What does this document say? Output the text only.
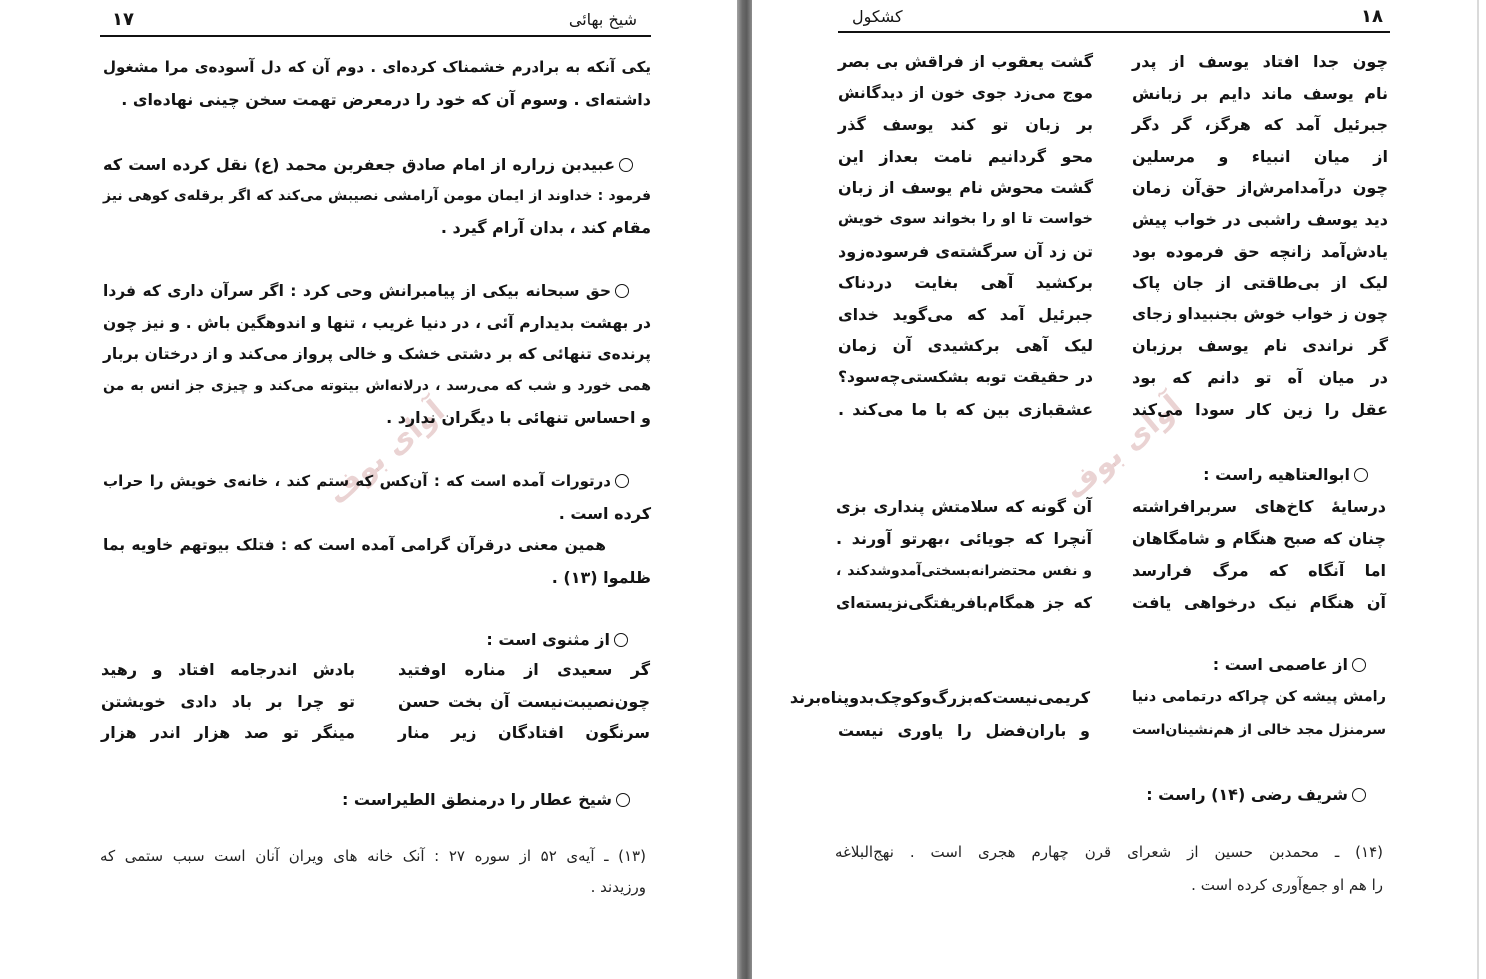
۱۷	شیخ بهائی
آوای بوف
یکی آنکه به برادرم خشمناک کرده‌ای . دوم آن که دل آسوده‌ی مرا مشغول
داشته‌ای . وسوم آن که خود را درمعرض تهمت سخن چینی نهاده‌ای .
عبیدبن زراره از امام صادق جعفربن محمد (ع) نقل کرده است که
فرمود : خداوند از ایمان مومن آرامشی نصیبش می‌کند که اگر برقله‌ی کوهی نیز
مقام کند ، بدان آرام گیرد .
حق سبحانه بیکی از پیامبرانش وحی کرد : اگر سرآن داری که فردا
در بهشت بدیدارم آئی ، در دنیا غریب ، تنها و اندوهگین باش . و نیز چون
پرنده‌ی تنهائی که بر دشتی خشک و خالی پرواز می‌کند و از درختان بربار
همی خورد و شب که می‌رسد ، درلانه‌اش بیتوته می‌کند و چیزی جز انس به من
و احساس تنهائی با دیگران ندارد .
درتورات آمده است که : آن‌کس که ستم کند ، خانه‌ی خویش را حراب
کرده است .
همین معنی درقرآن گرامی آمده است که : فتلک بیوتهم خاویه بما
ظلموا (۱۳) .
از مثنوی است :
گر سعیدی از مناره اوفتید
چون‌نصیبت‌نیست آن بخت حسن
سرنگون افتادگان زیر منار
بادش اندرجامه افتاد و رهید
تو چرا بر باد دادی خویشتن
مینگر تو صد هزار اندر هزار
شیخ عطار را درمنطق الطیراست :
(۱۳) ـ آیه‌ی ۵۲ از سوره ۲۷ : آنک خانه های ویران آنان است سبب ستمی که
ورزیدند .
۱۸
کشکول
آوای بوف
چون جدا افتاد یوسف از پدر
نام یوسف ماند دایم بر زبانش
جبرئیل آمد که هرگز، گر دگر
از میان انبیاء و مرسلین
چون درآمدامرش‌از حق‌آن زمان
دید یوسف راشبی در خواب پیش
یادش‌آمد زانچه حق فرموده بود
لیک از بی‌طاقتی از جان پاک
چون ز خواب خوش بجنبیداو زجای
گر نراندی نام یوسف برزبان
در میان آه تو دانم که بود
عقل را زین کار سودا می‌کند
گشت یعقوب از فراقش بی بصر
موج می‌زد جوی خون از دیدگانش
بر زبان تو کند یوسف گذر
محو گردانیم نامت بعداز این
گشت محوش نام یوسف از زبان
خواست تا او را بخواند سوی خویش
تن زد آن سرگشته‌ی فرسوده‌زود
برکشید آهی بغایت دردناک
جبرئیل آمد که می‌گوید خدای
لیک آهی برکشیدی آن زمان
در حقیقت توبه بشکستی‌چه‌سود؟
عشقبازی بین که با ما می‌کند .
ابوالعتاهیه راست :
درسایهٔ کاخ‌های سربرافراشته
چنان که صبح هنگام و شامگاهان
اما آنگاه که مرگ فرارسد
آن هنگام نیک درخواهی یافت
آن گونه که سلامتش پنداری بزی
آنچرا که جویائی ،بهرتو آورند .
و نفس محتضرانه‌بسختی‌آمدوشدکند ،
که جز همگام‌بافریفتگی‌نزیسته‌ای
از عاصمی است :
رامش پیشه کن چراکه درتمامی دنیا
سرمنزل مجد خالی از هم‌نشینان‌است
کریمی‌نیست‌که‌بزرگ‌وکوچک‌بدوپناه‌برند
و باران‌فضل را یاوری نیست
شریف رضی (۱۴) راست :
(۱۴) ـ محمدبن حسین از شعرای قرن چهارم هجری است . نهج‌البلاغه
را هم او جمع‌آوری کرده است .
